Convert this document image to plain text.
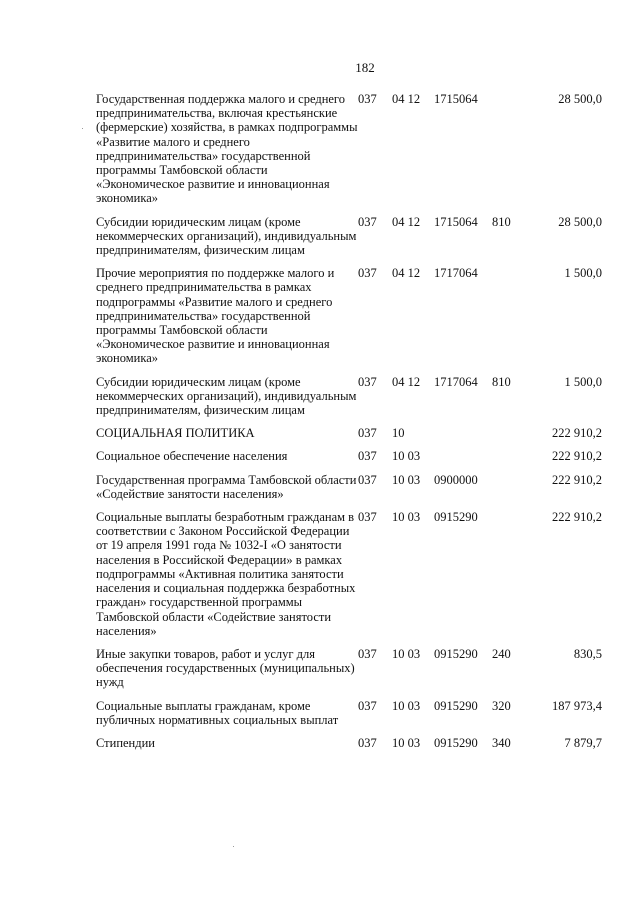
182
Государственная поддержка малого и среднего предпринимательства, включая крестьянские (фермерские) хозяйства, в рамках подпрограммы «Развитие малого и среднего предпринимательства» государственной программы Тамбовской области «Экономическое развитие и инновационная экономика»	037	04 12	1715064		28 500,0
Субсидии юридическим лицам (кроме некоммерческих организаций), индивидуальным предпринимателям, физическим лицам	037	04 12	1715064	810	28 500,0
Прочие мероприятия по поддержке малого и среднего предпринимательства в рамках подпрограммы «Развитие малого и среднего предпринимательства» государственной программы Тамбовской области «Экономическое развитие и инновационная экономика»	037	04 12	1717064		1 500,0
Субсидии юридическим лицам (кроме некоммерческих организаций), индивидуальным предпринимателям, физическим лицам	037	04 12	1717064	810	1 500,0
СОЦИАЛЬНАЯ ПОЛИТИКА	037	10			222 910,2
Социальное обеспечение населения	037	10 03			222 910,2
Государственная программа Тамбовской области «Содействие занятости населения»	037	10 03	0900000		222 910,2
Социальные выплаты безработным гражданам в соответствии с Законом Российской Федерации от 19 апреля 1991 года № 1032-I «О занятости населения в Российской Федерации» в рамках подпрограммы «Активная политика занятости населения и социальная поддержка безработных граждан» государственной программы Тамбовской области «Содействие занятости населения»	037	10 03	0915290		222 910,2
Иные закупки товаров, работ и услуг для обеспечения государственных (муниципальных) нужд	037	10 03	0915290	240	830,5
Социальные выплаты гражданам, кроме публичных нормативных социальных выплат	037	10 03	0915290	320	187 973,4
Стипендии	037	10 03	0915290	340	7 879,7
